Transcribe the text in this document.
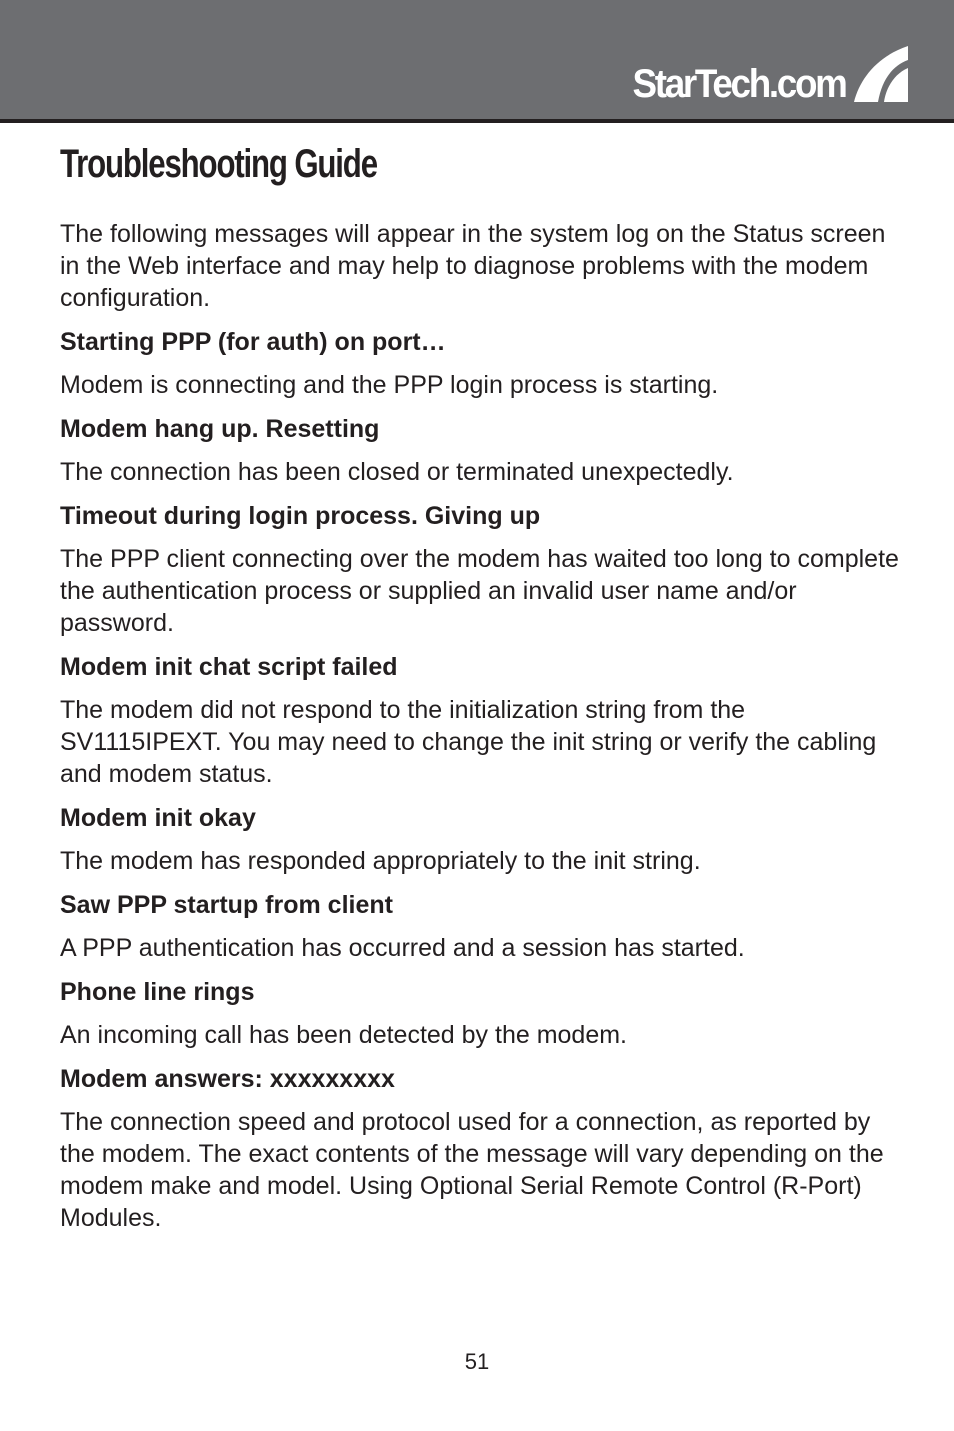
StarTech.com
Troubleshooting Guide

The following messages will appear in the system log on the Status screen in the Web interface and may help to diagnose problems with the modem configuration.

Starting PPP (for auth) on port…

Modem is connecting and the PPP login process is starting.

Modem hang up. Resetting

The connection has been closed or terminated unexpectedly.

Timeout during login process. Giving up

The PPP client connecting over the modem has waited too long to complete the authentication process or supplied an invalid user name and/or password.

Modem init chat script failed

The modem did not respond to the initialization string from the SV1115IPEXT. You may need to change the init string or verify the cabling and modem status.

Modem init okay

The modem has responded appropriately to the init string.

Saw PPP startup from client

A PPP authentication has occurred and a session has started.

Phone line rings

An incoming call has been detected by the modem.

Modem answers: xxxxxxxxx

The connection speed and protocol used for a connection, as reported by the modem. The exact contents of the message will vary depending on the modem make and model. Using Optional Serial Remote Control (R-Port) Modules.

51
